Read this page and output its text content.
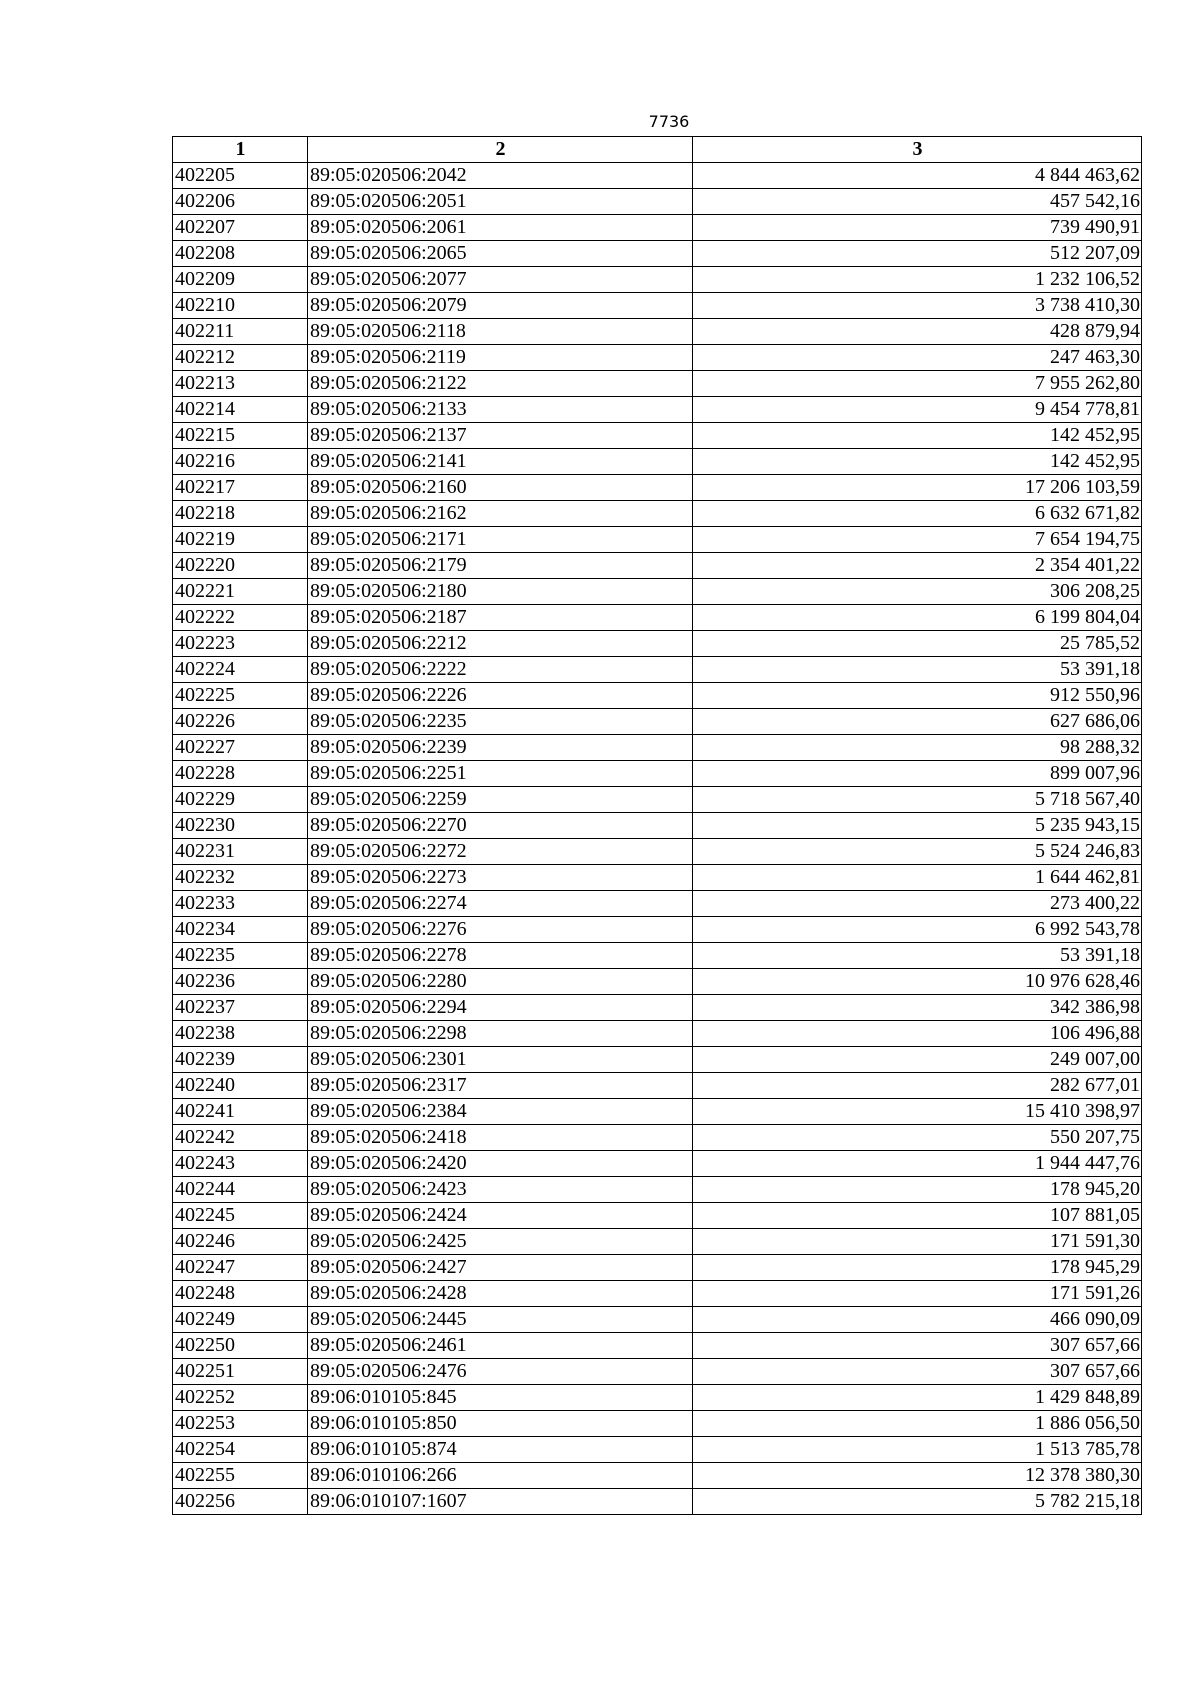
7736
1	2	3
402205	89:05:020506:2042	4 844 463,62
402206	89:05:020506:2051	457 542,16
402207	89:05:020506:2061	739 490,91
402208	89:05:020506:2065	512 207,09
402209	89:05:020506:2077	1 232 106,52
402210	89:05:020506:2079	3 738 410,30
402211	89:05:020506:2118	428 879,94
402212	89:05:020506:2119	247 463,30
402213	89:05:020506:2122	7 955 262,80
402214	89:05:020506:2133	9 454 778,81
402215	89:05:020506:2137	142 452,95
402216	89:05:020506:2141	142 452,95
402217	89:05:020506:2160	17 206 103,59
402218	89:05:020506:2162	6 632 671,82
402219	89:05:020506:2171	7 654 194,75
402220	89:05:020506:2179	2 354 401,22
402221	89:05:020506:2180	306 208,25
402222	89:05:020506:2187	6 199 804,04
402223	89:05:020506:2212	25 785,52
402224	89:05:020506:2222	53 391,18
402225	89:05:020506:2226	912 550,96
402226	89:05:020506:2235	627 686,06
402227	89:05:020506:2239	98 288,32
402228	89:05:020506:2251	899 007,96
402229	89:05:020506:2259	5 718 567,40
402230	89:05:020506:2270	5 235 943,15
402231	89:05:020506:2272	5 524 246,83
402232	89:05:020506:2273	1 644 462,81
402233	89:05:020506:2274	273 400,22
402234	89:05:020506:2276	6 992 543,78
402235	89:05:020506:2278	53 391,18
402236	89:05:020506:2280	10 976 628,46
402237	89:05:020506:2294	342 386,98
402238	89:05:020506:2298	106 496,88
402239	89:05:020506:2301	249 007,00
402240	89:05:020506:2317	282 677,01
402241	89:05:020506:2384	15 410 398,97
402242	89:05:020506:2418	550 207,75
402243	89:05:020506:2420	1 944 447,76
402244	89:05:020506:2423	178 945,20
402245	89:05:020506:2424	107 881,05
402246	89:05:020506:2425	171 591,30
402247	89:05:020506:2427	178 945,29
402248	89:05:020506:2428	171 591,26
402249	89:05:020506:2445	466 090,09
402250	89:05:020506:2461	307 657,66
402251	89:05:020506:2476	307 657,66
402252	89:06:010105:845	1 429 848,89
402253	89:06:010105:850	1 886 056,50
402254	89:06:010105:874	1 513 785,78
402255	89:06:010106:266	12 378 380,30
402256	89:06:010107:1607	5 782 215,18
